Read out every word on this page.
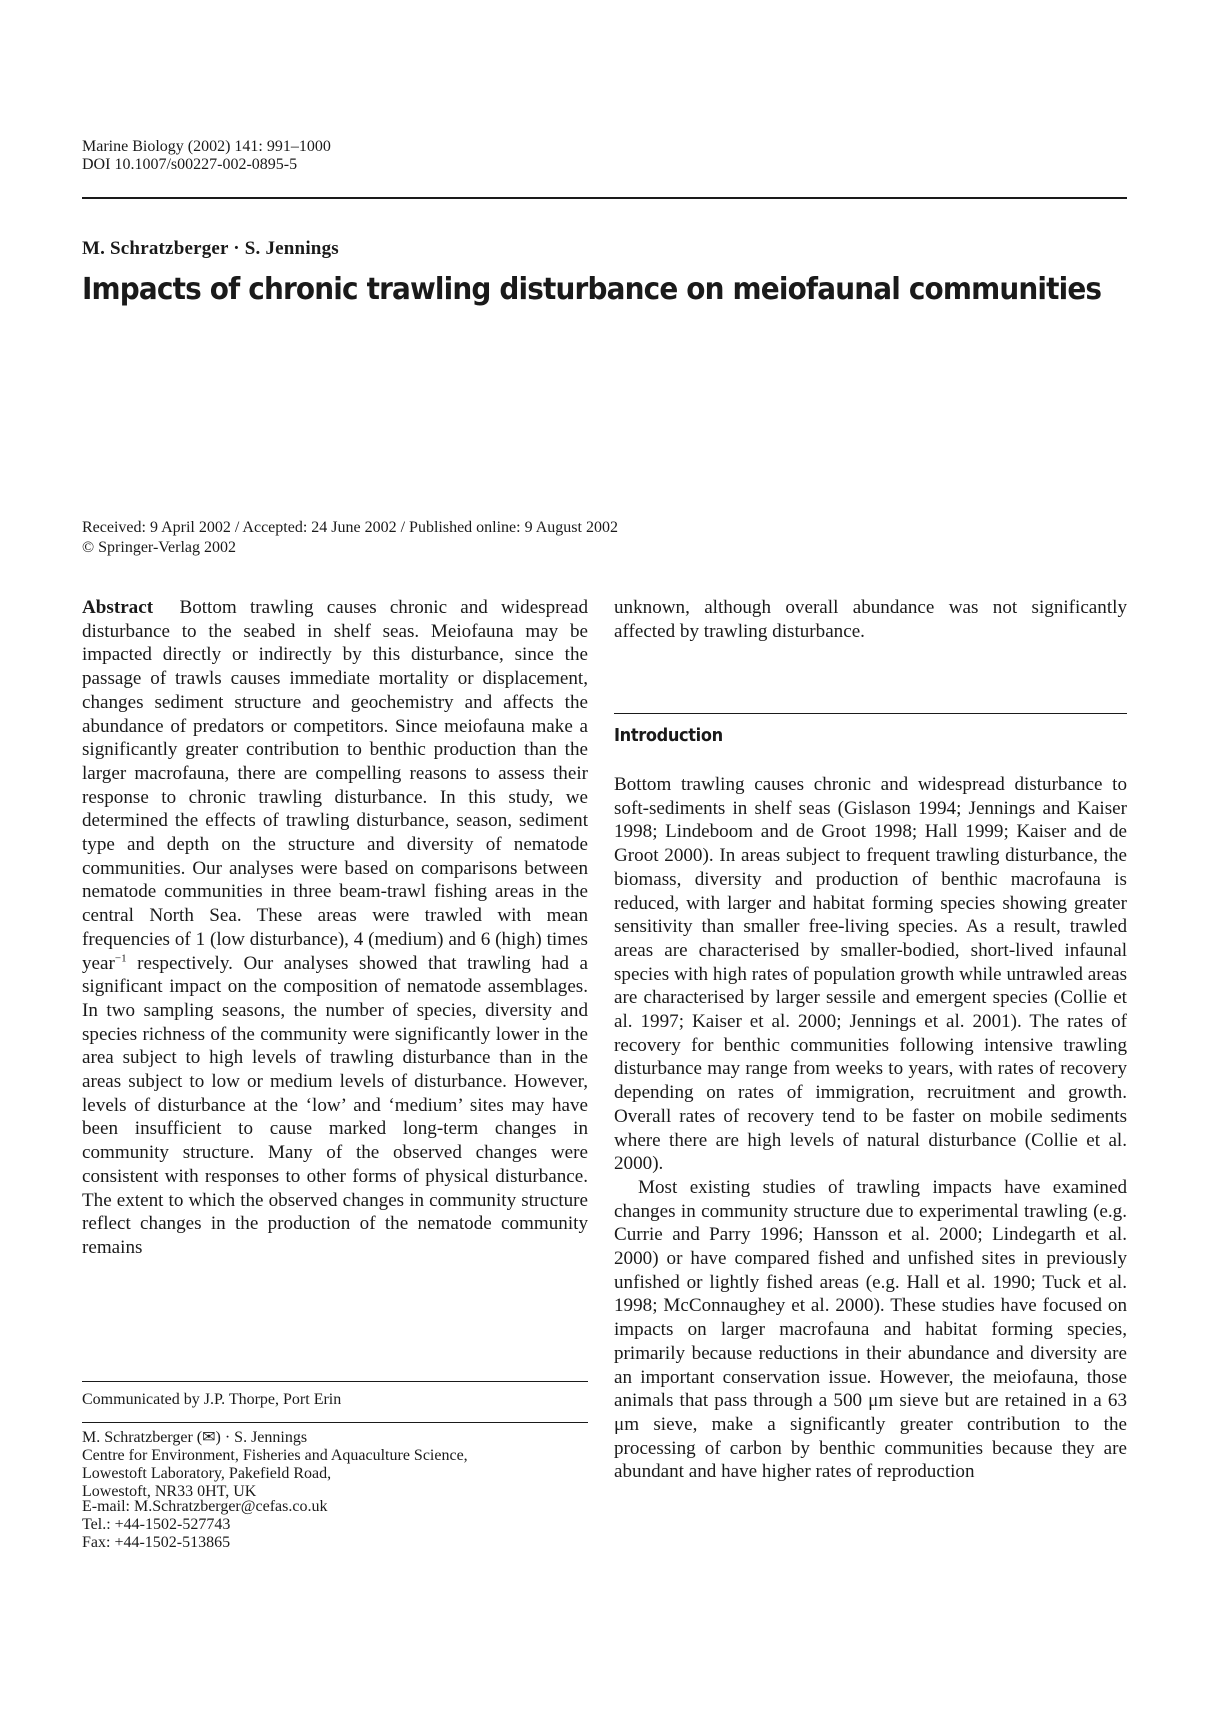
Marine Biology (2002) 141: 991–1000
DOI 10.1007/s00227-002-0895-5
M. Schratzberger · S. Jennings
Impacts of chronic trawling disturbance on meiofaunal communities
Received: 9 April 2002 / Accepted: 24 June 2002 / Published online: 9 August 2002
© Springer-Verlag 2002

Abstract Bottom trawling causes chronic and widespread disturbance to the seabed in shelf seas. Meiofauna may be impacted directly or indirectly by this disturbance, since the passage of trawls causes immediate mortality or displacement, changes sediment structure and geochemistry and affects the abundance of predators or competitors. Since meiofauna make a significantly greater contribution to benthic production than the larger macrofauna, there are compelling reasons to assess their response to chronic trawling disturbance. In this study, we determined the effects of trawling disturbance, season, sediment type and depth on the structure and diversity of nematode communities. Our analyses were based on comparisons between nematode communities in three beam-trawl fishing areas in the central North Sea. These areas were trawled with mean frequencies of 1 (low disturbance), 4 (medium) and 6 (high) times year$^{-1}$ respectively. Our analyses showed that trawling had a significant impact on the composition of nematode assemblages. In two sampling seasons, the number of species, diversity and species richness of the community were significantly lower in the area subject to high levels of trawling disturbance than in the areas subject to low or medium levels of disturbance. However, levels of disturbance at the ‘low’ and ‘medium’ sites may have been insufficient to cause marked long-term changes in community structure. Many of the observed changes were consistent with responses to other forms of physical disturbance. The extent to which the observed changes in community structure reflect changes in the production of the nematode community remains

unknown, although overall abundance was not significantly affected by trawling disturbance.

Introduction

Bottom trawling causes chronic and widespread disturbance to soft-sediments in shelf seas (Gislason 1994; Jennings and Kaiser 1998; Lindeboom and de Groot 1998; Hall 1999; Kaiser and de Groot 2000). In areas subject to frequent trawling disturbance, the biomass, diversity and production of benthic macrofauna is reduced, with larger and habitat forming species showing greater sensitivity than smaller free-living species. As a result, trawled areas are characterised by smaller-bodied, short-lived infaunal species with high rates of population growth while untrawled areas are characterised by larger sessile and emergent species (Collie et al. 1997; Kaiser et al. 2000; Jennings et al. 2001). The rates of recovery for benthic communities following intensive trawling disturbance may range from weeks to years, with rates of recovery depending on rates of immigration, recruitment and growth. Overall rates of recovery tend to be faster on mobile sediments where there are high levels of natural disturbance (Collie et al. 2000).

Most existing studies of trawling impacts have examined changes in community structure due to experimental trawling (e.g. Currie and Parry 1996; Hansson et al. 2000; Lindegarth et al. 2000) or have compared fished and unfished sites in previously unfished or lightly fished areas (e.g. Hall et al. 1990; Tuck et al. 1998; McConnaughey et al. 2000). These studies have focused on impacts on larger macrofauna and habitat forming species, primarily because reductions in their abundance and diversity are an important conservation issue. However, the meiofauna, those animals that pass through a 500 μm sieve but are retained in a 63 μm sieve, make a significantly greater contribution to the processing of carbon by benthic communities because they are abundant and have higher rates of reproduction

Communicated by J.P. Thorpe, Port Erin
M. Schratzberger (✉) · S. Jennings
Centre for Environment, Fisheries and Aquaculture Science,
Lowestoft Laboratory, Pakefield Road,
Lowestoft, NR33 0HT, UK
E-mail: M.Schratzberger@cefas.co.uk
Tel.: +44-1502-527743
Fax: +44-1502-513865
